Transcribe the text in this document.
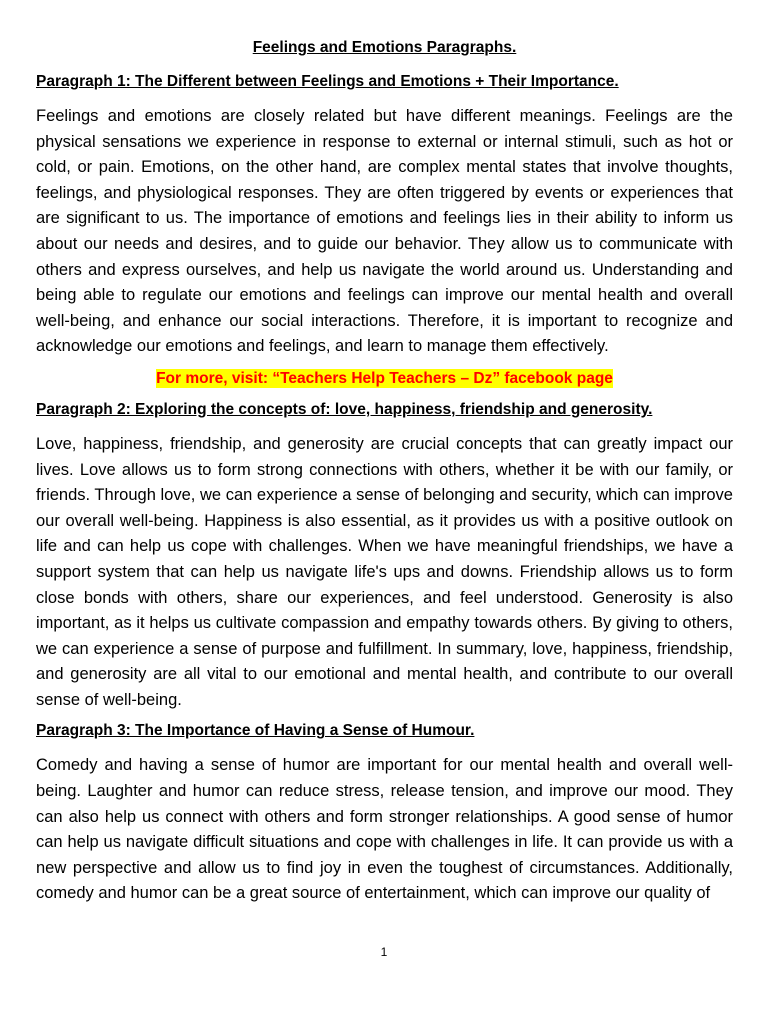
Feelings and Emotions Paragraphs.
Paragraph 1: The Different between Feelings and Emotions + Their Importance.

Feelings and emotions are closely related but have different meanings. Feelings are the physical sensations we experience in response to external or internal stimuli, such as hot or cold, or pain. Emotions, on the other hand, are complex mental states that involve thoughts, feelings, and physiological responses. They are often triggered by events or experiences that are significant to us. The importance of emotions and feelings lies in their ability to inform us about our needs and desires, and to guide our behavior. They allow us to communicate with others and express ourselves, and help us navigate the world around us. Understanding and being able to regulate our emotions and feelings can improve our mental health and overall well-being, and enhance our social interactions. Therefore, it is important to recognize and acknowledge our emotions and feelings, and learn to manage them effectively.

For more, visit: “Teachers Help Teachers – Dz” facebook page
Paragraph 2: Exploring the concepts of: love, happiness, friendship and generosity.

Love, happiness, friendship, and generosity are crucial concepts that can greatly impact our lives. Love allows us to form strong connections with others, whether it be with our family, or friends. Through love, we can experience a sense of belonging and security, which can improve our overall well-being. Happiness is also essential, as it provides us with a positive outlook on life and can help us cope with challenges. When we have meaningful friendships, we have a support system that can help us navigate life's ups and downs. Friendship allows us to form close bonds with others, share our experiences, and feel understood. Generosity is also important, as it helps us cultivate compassion and empathy towards others. By giving to others, we can experience a sense of purpose and fulfillment. In summary, love, happiness, friendship, and generosity are all vital to our emotional and mental health, and contribute to our overall sense of well-being.

Paragraph 3: The Importance of Having a Sense of Humour.

Comedy and having a sense of humor are important for our mental health and overall well-being. Laughter and humor can reduce stress, release tension, and improve our mood. They can also help us connect with others and form stronger relationships. A good sense of humor can help us navigate difficult situations and cope with challenges in life. It can provide us with a new perspective and allow us to find joy in even the toughest of circumstances. Additionally, comedy and humor can be a great source of entertainment, which can improve our quality of

1
